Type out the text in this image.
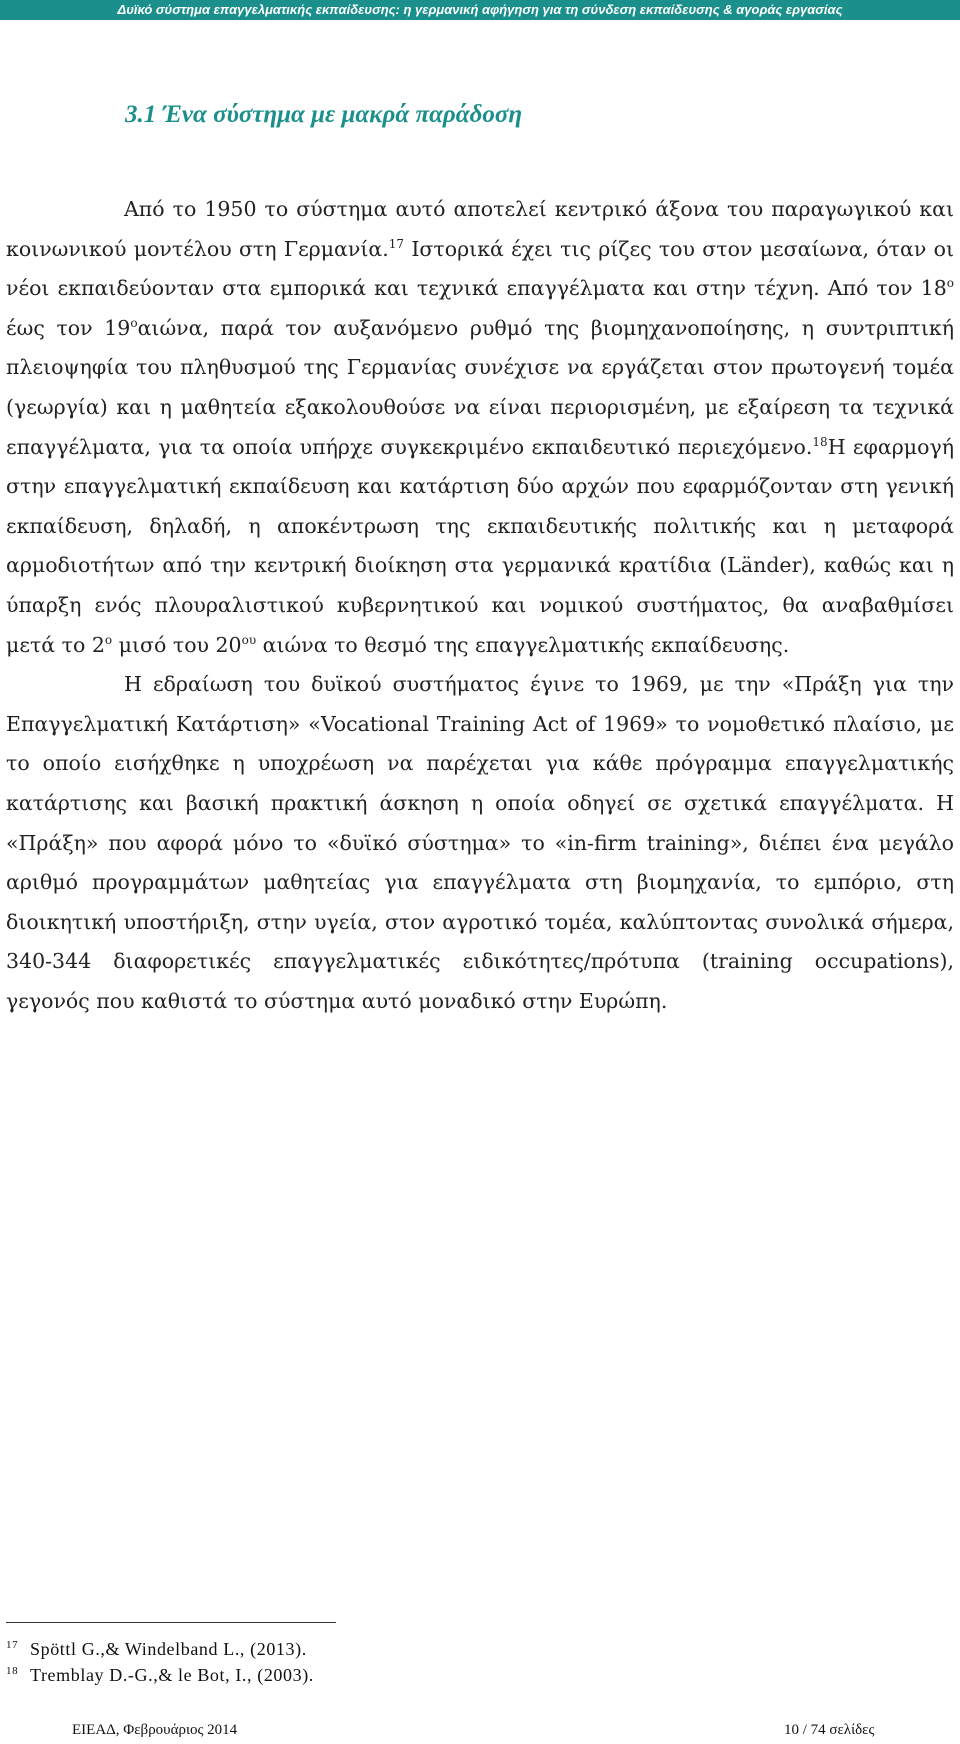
Δυϊκό σύστημα επαγγελματικής εκπαίδευσης: η γερμανική αφήγηση για τη σύνδεση εκπαίδευσης & αγοράς εργασίας
3.1 Ένα σύστημα με μακρά παράδοση

Από το 1950 το σύστημα αυτό αποτελεί κεντρικό άξονα του παραγωγικού και κοινωνικού μοντέλου στη Γερμανία.$^{17}$ Ιστορικά έχει τις ρίζες του στον μεσαίωνα, όταν οι νέοι εκπαιδεύονταν στα εμπορικά και τεχνικά επαγγέλματα και στην τέχνη. Από τον $18^o$ έως τον $19^o\alpha\iota ώ\nu\alpha$, παρά τον αυξανόμενο ρυθμό της βιομηχανοποίησης, η συντριπτική πλειοψηφία του πληθυσμού της Γερμανίας συνέχισε να εργάζεται στον πρωτογενή τομέα (γεωργία) και η μαθητεία εξακολουθούσε να είναι περιορισμένη, με εξαίρεση τα τεχνικά επαγγέλματα, για τα οποία υπήρχε συγκεκριμένο εκπαιδευτικό περιεχόμενο.$^{18}$Η εφαρμογή στην επαγγελματική εκπαίδευση και κατάρτιση δύο αρχών που εφαρμόζονταν στη γενική εκπαίδευση, δηλαδή, η αποκέντρωση της εκπαιδευτικής πολιτικής και η μεταφορά αρμοδιοτήτων από την κεντρική διοίκηση στα γερμανικά κρατίδια (Länder), καθώς και η ύπαρξη ενός πλουραλιστικού κυβερνητικού και νομικού συστήματος, θα αναβαθμίσει μετά το $2^o$ μισό του $20^{o\upsilon}$ αιώνα το θεσμό της επαγγελματικής εκπαίδευσης.

Η εδραίωση του δυϊκού συστήματος έγινε το 1969, με την «Πράξη για την Επαγγελματική Κατάρτιση» «Vocational Training Act of 1969» το νομοθετικό πλαίσιο, με το οποίο εισήχθηκε η υποχρέωση να παρέχεται για κάθε πρόγραμμα επαγγελματικής κατάρτισης και βασική πρακτική άσκηση η οποία οδηγεί σε σχετικά επαγγέλματα. Η «Πράξη» που αφορά μόνο το «δυϊκό σύστημα» το «in-firm training», διέπει ένα μεγάλο αριθμό προγραμμάτων μαθητείας για επαγγέλματα στη βιομηχανία, το εμπόριο, στη διοικητική υποστήριξη, στην υγεία, στον αγροτικό τομέα, καλύπτοντας συνολικά σήμερα, 340-344 διαφορετικές επαγγελματικές ειδικότητες/πρότυπα (training occupations), γεγονός που καθιστά το σύστημα αυτό μοναδικό στην Ευρώπη.

$^{17}$ Spöttl G.,& Windelband L., (2013).
$^{18}$ Tremblay D.-G.,& le Bot, I., (2003).
ΕΙΕΑΔ, Φεβρουάριος 2014	10 / 74 σελίδες
